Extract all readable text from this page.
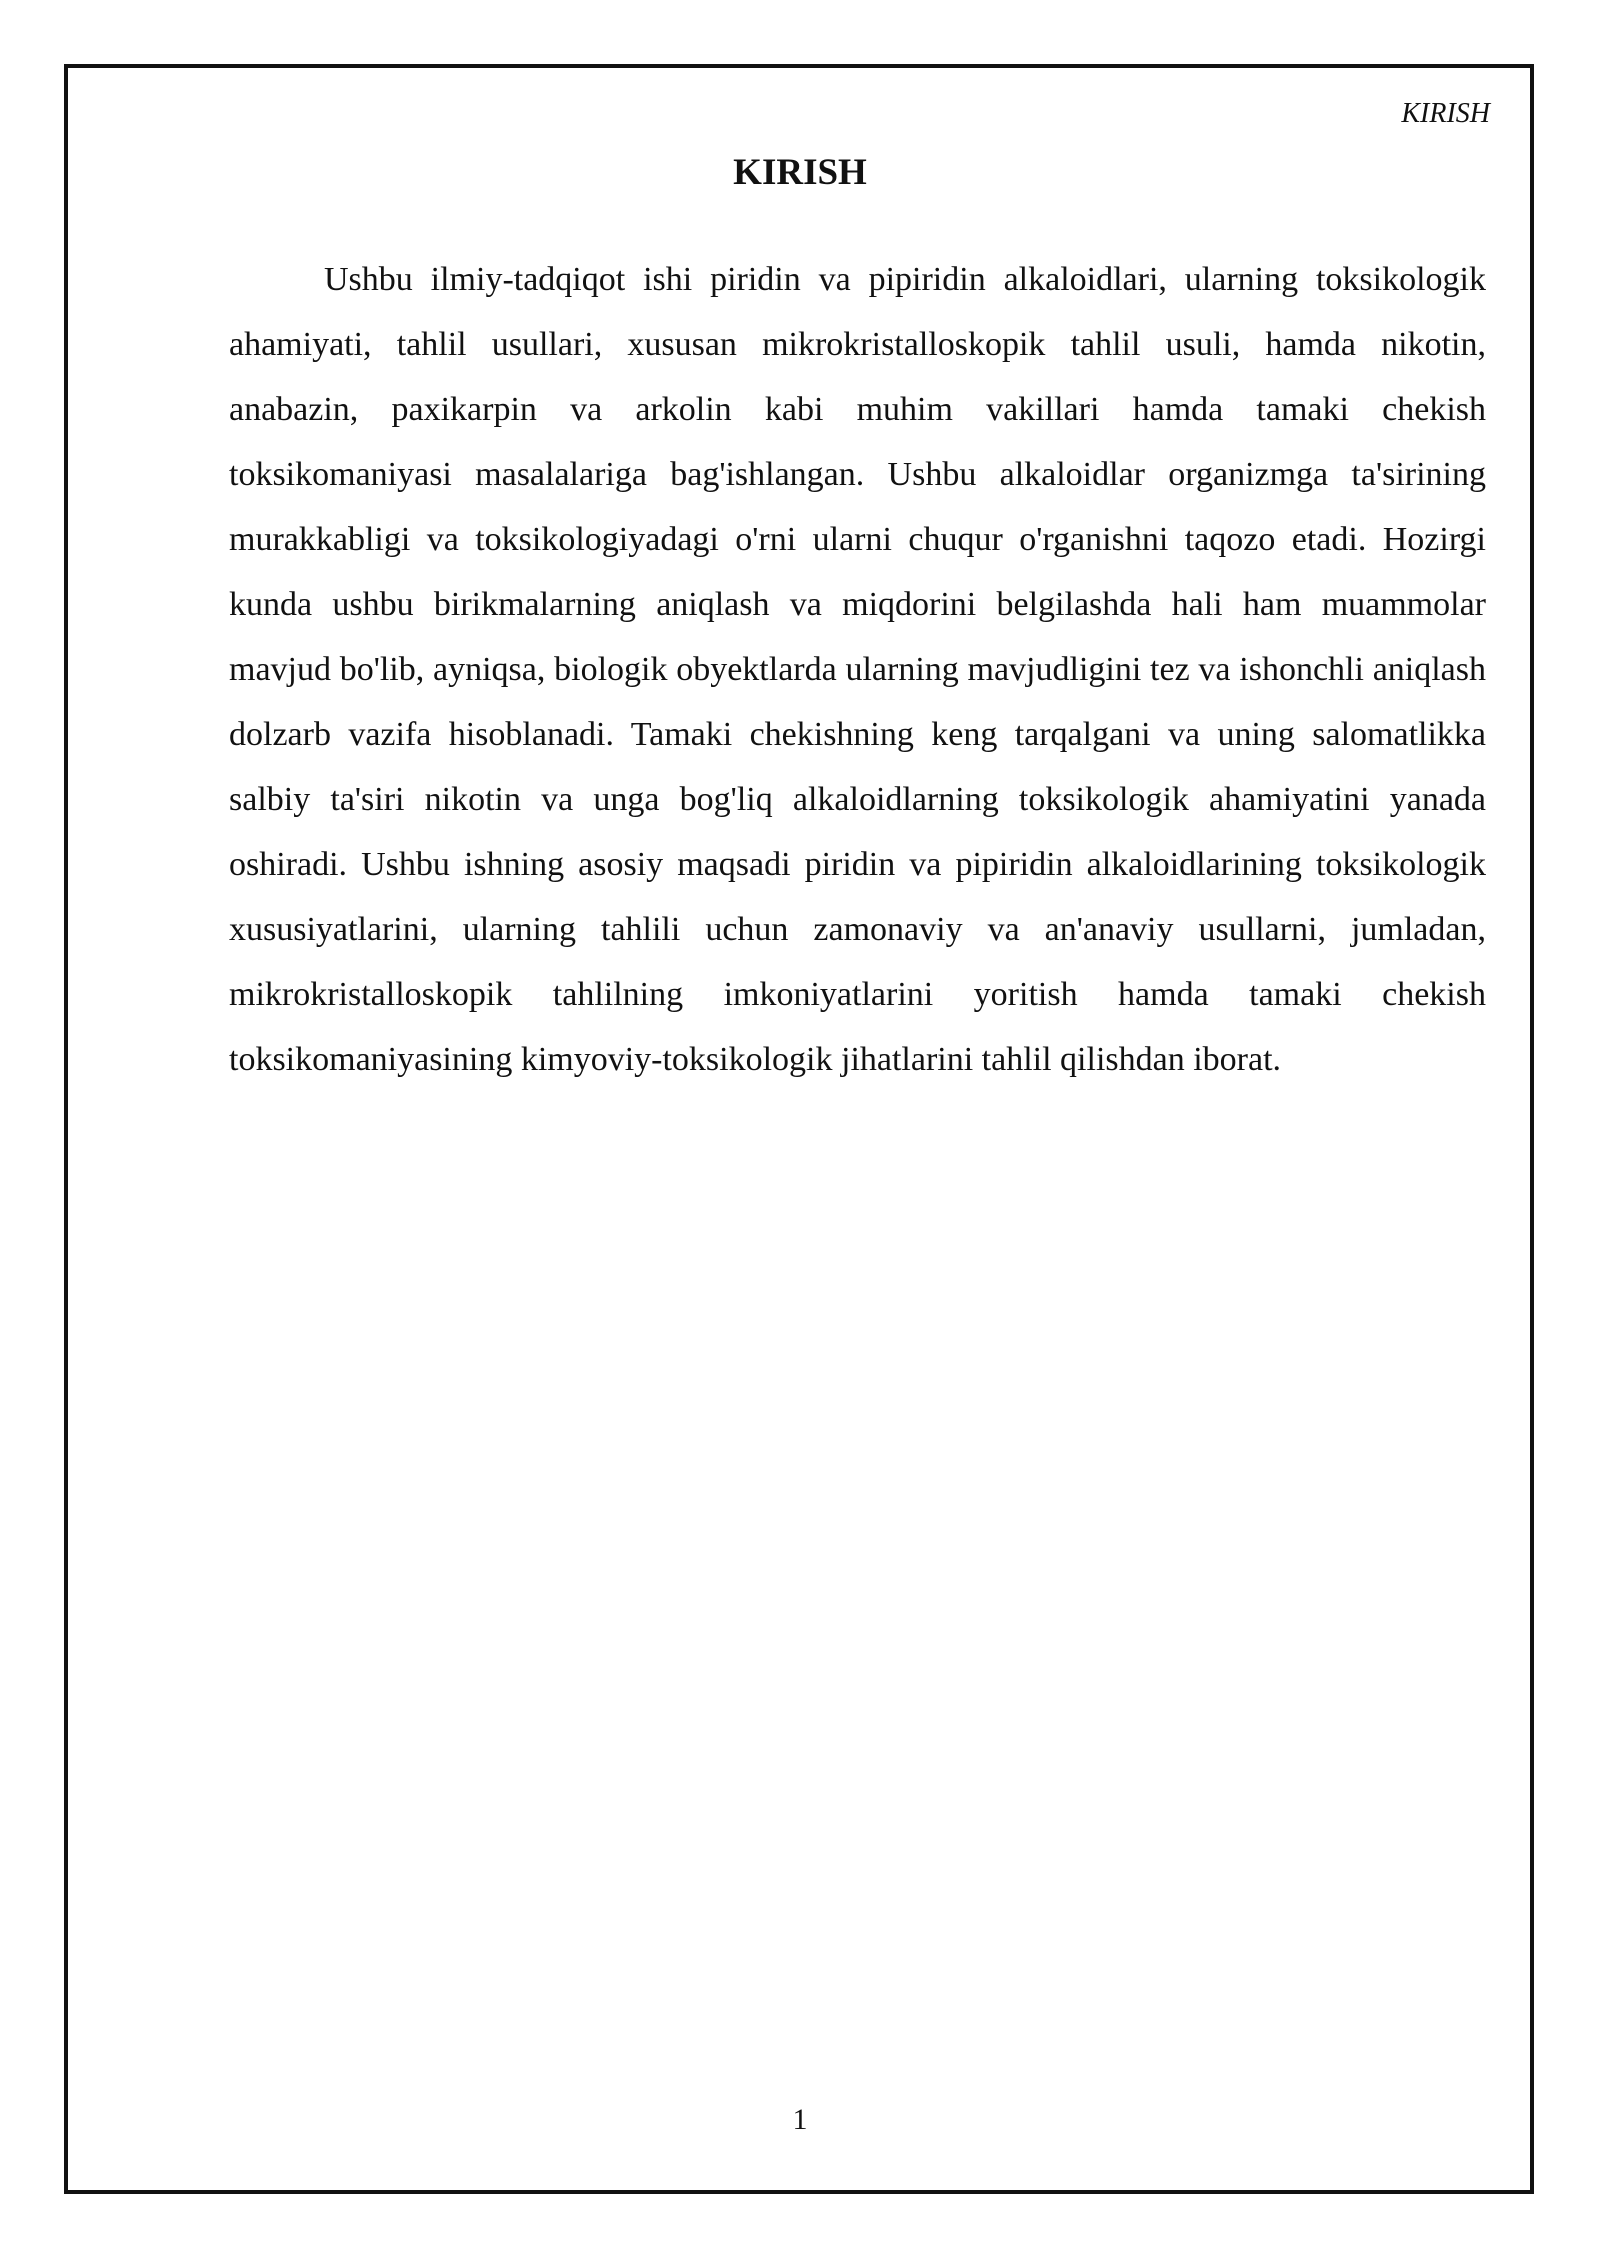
KIRISH

KIRISH

Ushbu ilmiy-tadqiqot ishi piridin va pipiridin alkaloidlari, ularning toksikologik ahamiyati, tahlil usullari, xususan mikrokristalloskopik tahlil usuli, hamda nikotin, anabazin, paxikarpin va arkolin kabi muhim vakillari hamda tamaki chekish toksikomaniyasi masalalariga bag'ishlangan. Ushbu alkaloidlar organizmga ta'sirining murakkabligi va toksikologiyadagi o'rni ularni chuqur o'rganishni taqozo etadi. Hozirgi kunda ushbu birikmalarning aniqlash va miqdorini belgilashda hali ham muammolar mavjud bo'lib, ayniqsa, biologik obyektlarda ularning mavjudligini tez va ishonchli aniqlash dolzarb vazifa hisoblanadi. Tamaki chekishning keng tarqalgani va uning salomatlikka salbiy ta'siri nikotin va unga bog'liq alkaloidlarning toksikologik ahamiyatini yanada oshiradi. Ushbu ishning asosiy maqsadi piridin va pipiridin alkaloidlarining toksikologik xususiyatlarini, ularning tahlili uchun zamonaviy va an'anaviy usullarni, jumladan, mikrokristalloskopik tahlilning imkoniyatlarini yoritish hamda tamaki chekish toksikomaniyasining kimyoviy-toksikologik jihatlarini tahlil qilishdan iborat.

1
